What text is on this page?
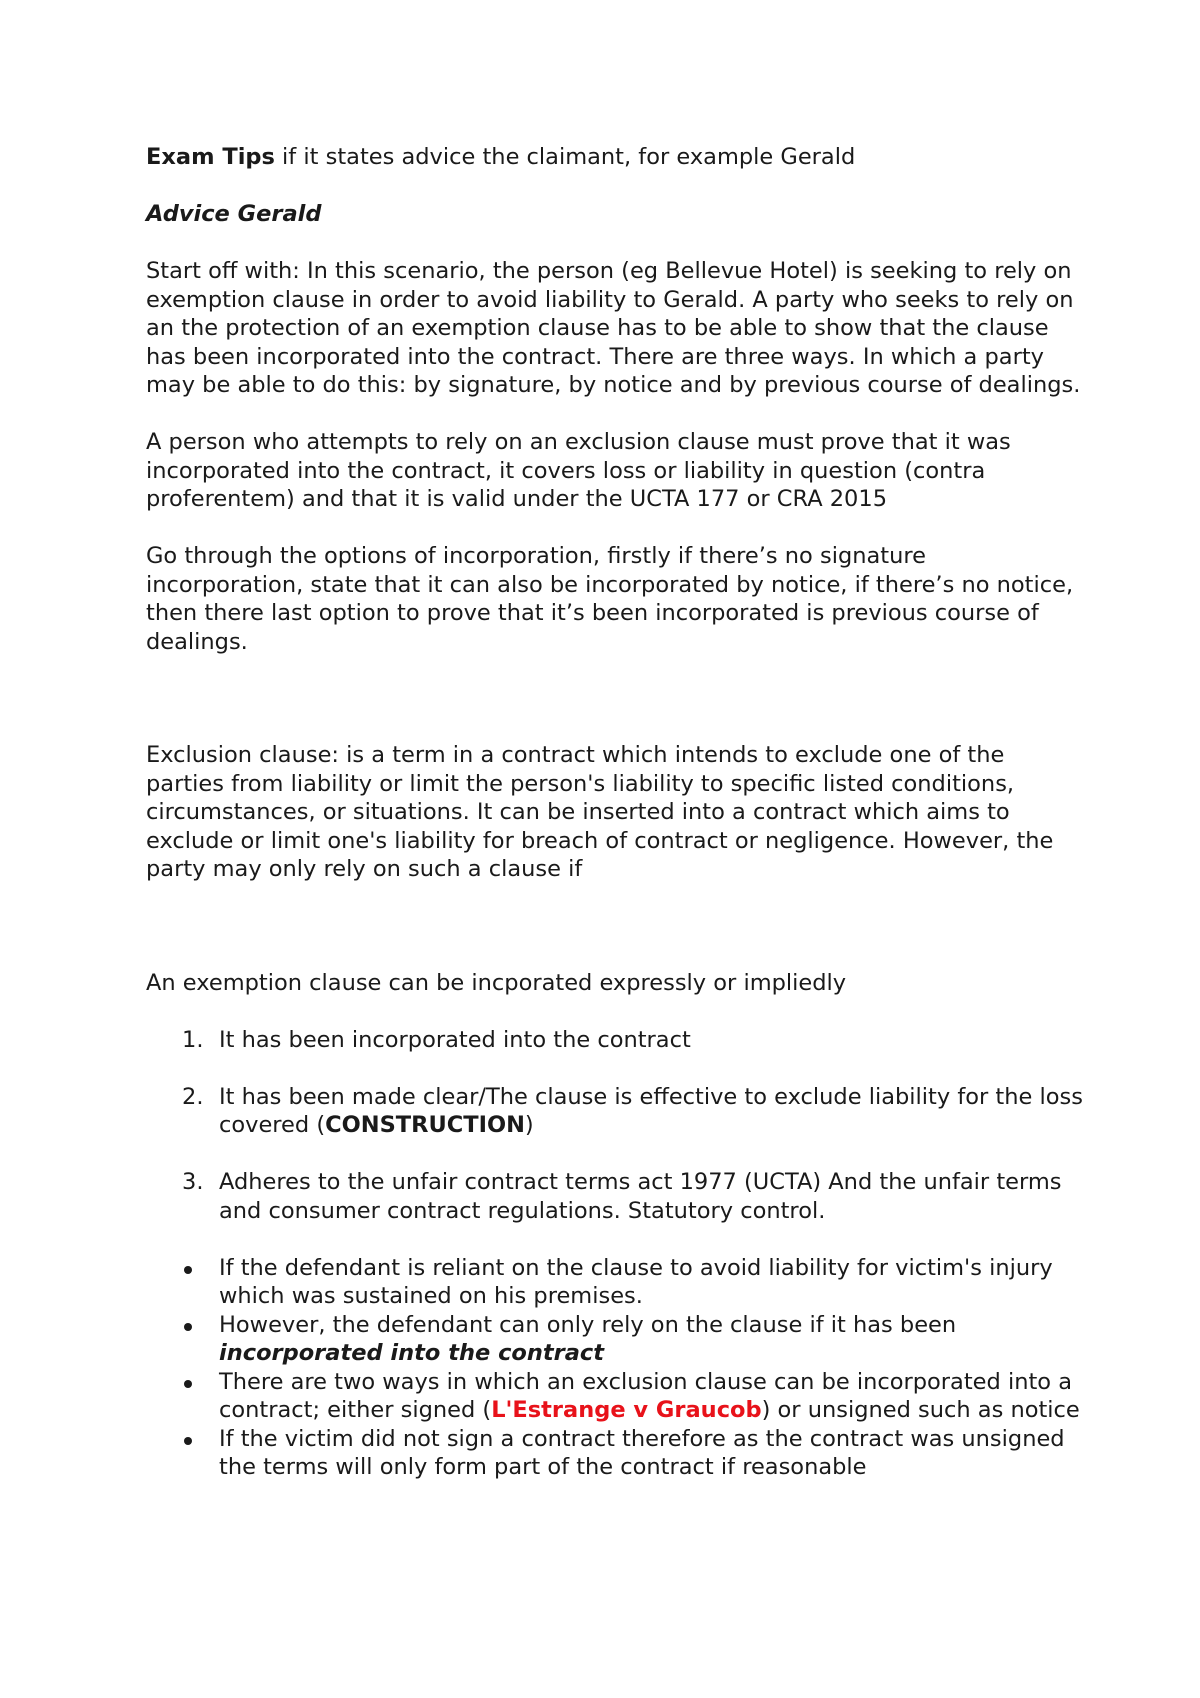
Exam Tips if it states advice the claimant, for example Gerald

Advice Gerald

Start off with: In this scenario, the person (eg Bellevue Hotel) is seeking to rely on exemption clause in order to avoid liability to Gerald. A party who seeks to rely on an the protection of an exemption clause has to be able to show that the clause has been incorporated into the contract. There are three ways. In which a party may be able to do this: by signature, by notice and by previous course of dealings.

A person who attempts to rely on an exclusion clause must prove that it was incorporated into the contract, it covers loss or liability in question (contra proferentem) and that it is valid under the UCTA 177 or CRA 2015

Go through the options of incorporation, firstly if there’s no signature incorporation, state that it can also be incorporated by notice, if there’s no notice, then there last option to prove that it’s been incorporated is previous course of dealings.

Exclusion clause: is a term in a contract which intends to exclude one of the parties from liability or limit the person's liability to specific listed conditions, circumstances, or situations. It can be inserted into a contract which aims to exclude or limit one's liability for breach of contract or negligence. However, the party may only rely on such a clause if

An exemption clause can be incporated expressly or impliedly

1. It has been incorporated into the contract
2. It has been made clear/The clause is effective to exclude liability for the loss covered (CONSTRUCTION)
3. Adheres to the unfair contract terms act 1977 (UCTA) And the unfair terms and consumer contract regulations. Statutory control.
If the defendant is reliant on the clause to avoid liability for victim's injury which was sustained on his premises.
However, the defendant can only rely on the clause if it has been incorporated into the contract
There are two ways in which an exclusion clause can be incorporated into a contract; either signed (L'Estrange v Graucob) or unsigned such as notice
If the victim did not sign a contract therefore as the contract was unsigned the terms will only form part of the contract if reasonable
